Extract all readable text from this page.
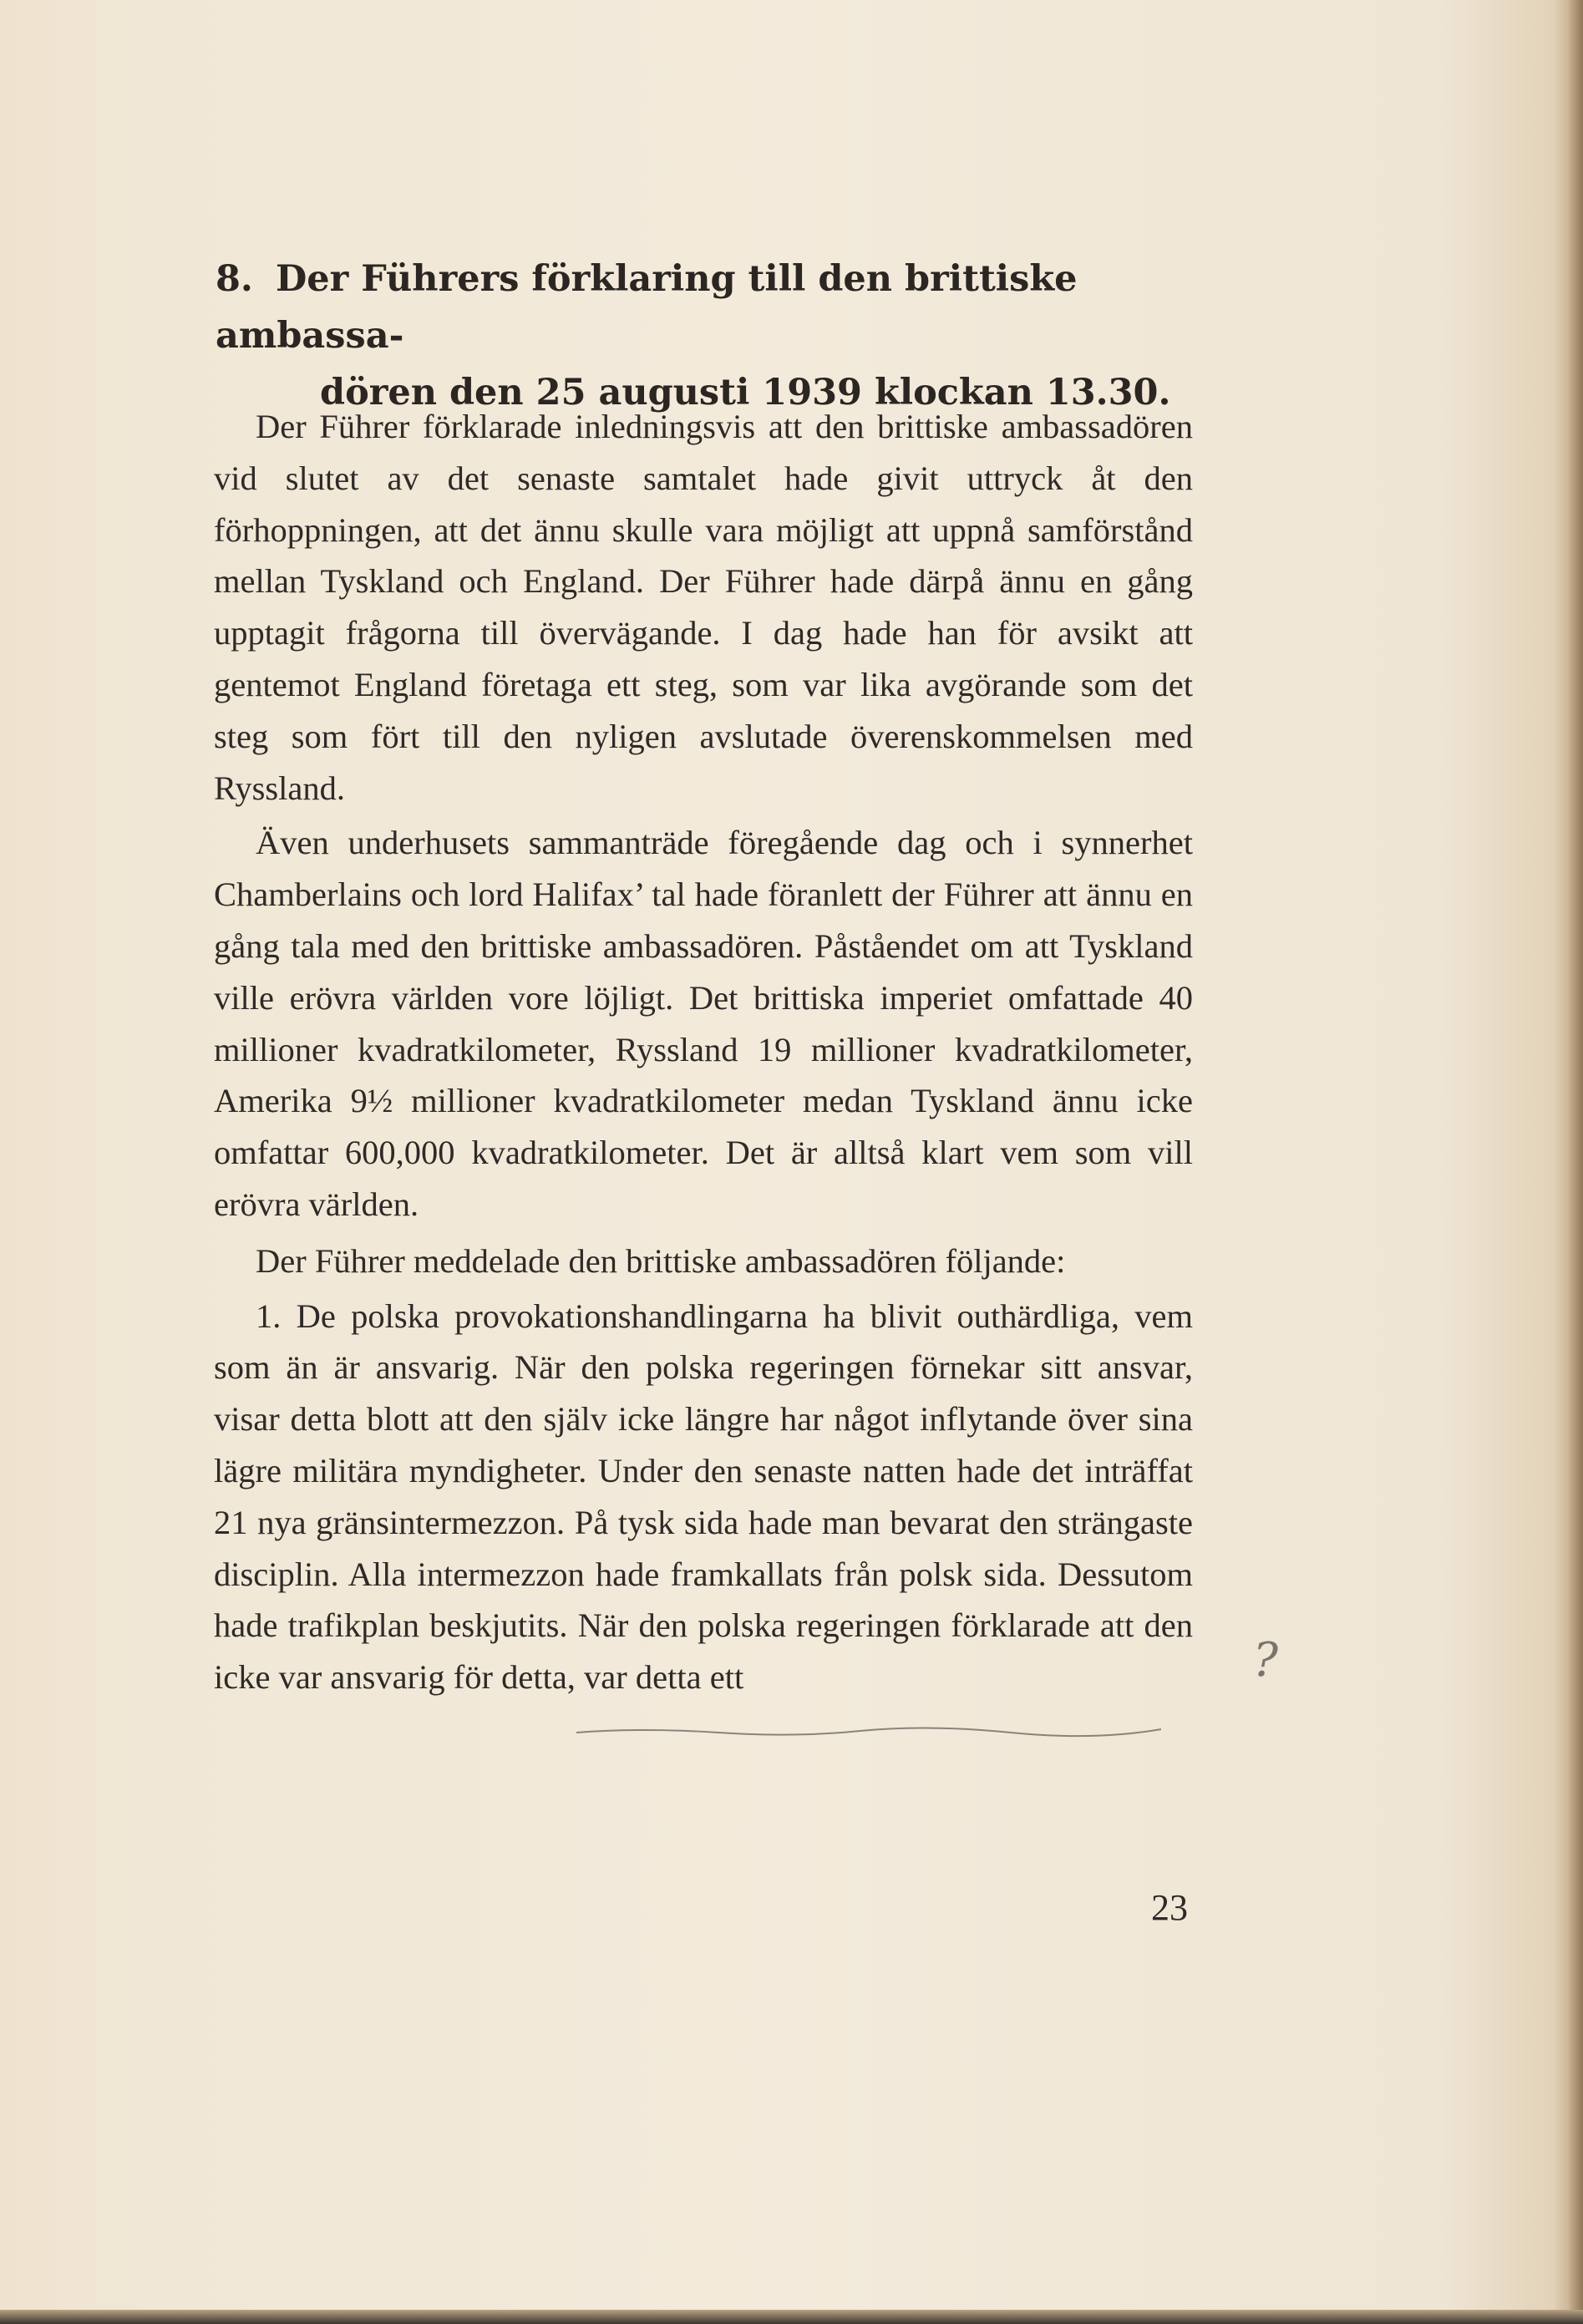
8. Der Führers förklaring till den brittiske ambassa-
dören den 25 augusti 1939 klockan 13.30.

Der Führer förklarade inledningsvis att den brittiske ambassadören vid slutet av det senaste samtalet hade givit uttryck åt den förhoppningen, att det ännu skulle vara möjligt att uppnå samförstånd mellan Tyskland och England. Der Führer hade därpå ännu en gång upptagit frågorna till övervägande. I dag hade han för avsikt att gentemot England företaga ett steg, som var lika avgörande som det steg som fört till den nyligen avslutade överenskommelsen med Ryssland.

Även underhusets sammanträde föregående dag och i synnerhet Chamberlains och lord Halifax’ tal hade föranlett der Führer att ännu en gång tala med den brittiske ambassadören. Påståendet om att Tyskland ville erövra världen vore löjligt. Det brittiska imperiet omfattade 40 millioner kvadratkilometer, Ryssland 19 millioner kvadratkilometer, Amerika 9½ millioner kvadratkilometer medan Tyskland ännu icke omfattar 600,000 kvadratkilometer. Det är alltså klart vem som vill erövra världen.

Der Führer meddelade den brittiske ambassadören följande:

1. De polska provokationshandlingarna ha blivit outhärdliga, vem som än är ansvarig. När den polska regeringen förnekar sitt ansvar, visar detta blott att den själv icke längre har något inflytande över sina lägre militära myndigheter. Under den senaste natten hade det inträffat 21 nya gränsintermezzon. På tysk sida hade man bevarat den strängaste disciplin. Alla intermezzon hade framkallats från polsk sida. Dessutom hade trafikplan beskjutits. När den polska regeringen förklarade att den icke var ansvarig för detta, var detta ett	?
23
